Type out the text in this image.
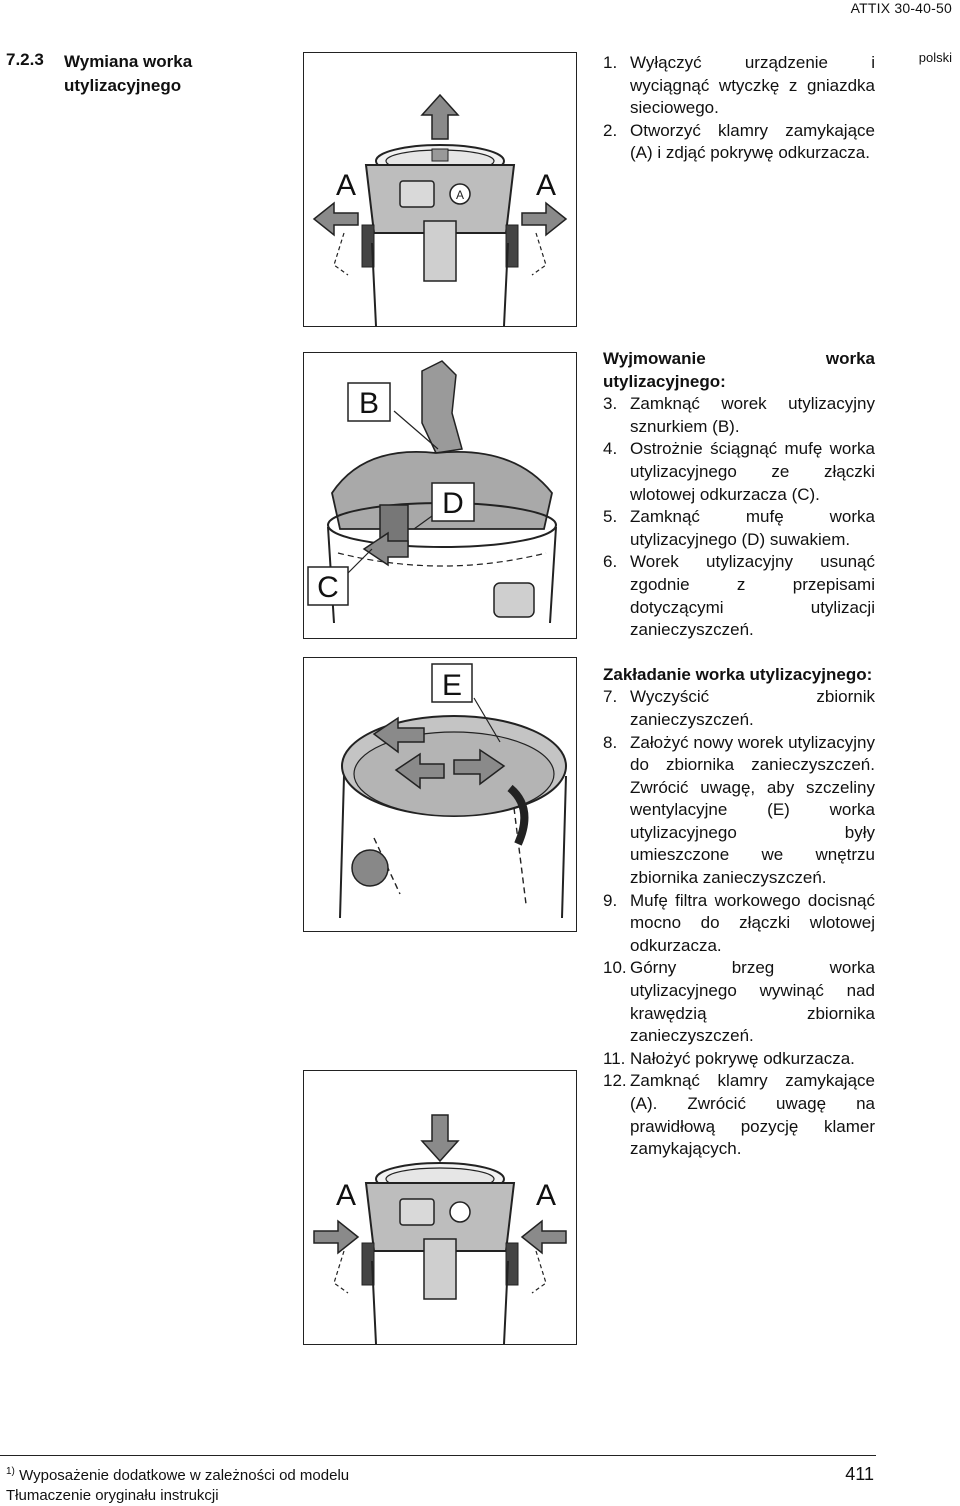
ATTIX 30-40-50
polski
7.2.3 Wymiana worka
utylizacyjnego

1. Wyłączyć urządzenie i wyciągnąć wtyczkę z gniazdka sieciowego.

2. Otworzyć klamry zamykające (A) i zdjąć pokrywę odkurzacza.

Wyjmowanie worka utylizacyjnego:

3. Zamknąć worek utylizacyjny sznurkiem (B).

4. Ostrożnie ściągnąć mufę worka utylizacyjnego ze złączki wlotowej odkurzacza (C).

5. Zamknąć mufę worka utylizacyjnego (D) suwakiem.

6. Worek utylizacyjny usunąć zgodnie z przepisami dotyczącymi utylizacji zanieczyszczeń.

Zakładanie worka utylizacyjnego:

7. Wyczyścić zbiornik zanieczyszczeń.

8. Założyć nowy worek utylizacyjny do zbiornika zanieczyszczeń. Zwrócić uwagę, aby szczeliny wentylacyjne (E) worka utylizacyjnego były umieszczone we wnętrzu zbiornika zanieczyszczeń.

9. Mufę filtra workowego docisnąć mocno do złączki wlotowej odkurzacza.

10. Górny brzeg worka utylizacyjnego wywinąć nad krawędzią zbiornika zanieczyszczeń.

11. Nałożyć pokrywę odkurzacza.

12. Zamknąć klamry zamykające (A). Zwrócić uwagę na prawidłową pozycję klamer zamykających.

A
A	A
B
C
D
E
A	A
$^{1)}$ Wyposażenie dodatkowe w zależności od modelu
Tłumaczenie oryginału instrukcji
411
